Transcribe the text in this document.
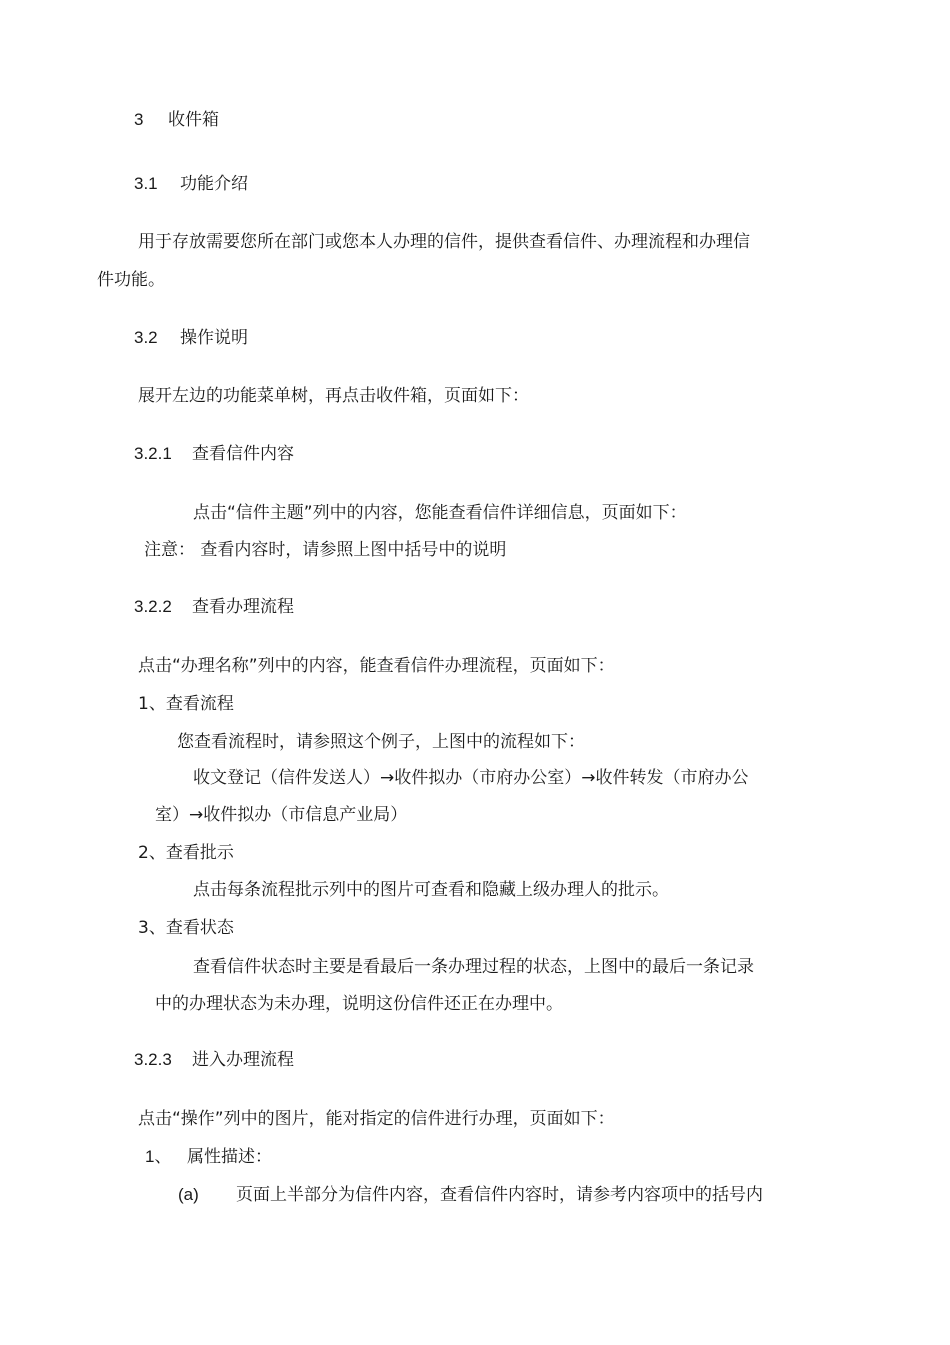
3 收件箱
3.1 功能介绍
用于存放需要您所在部门或您本人办理的信件，提供查看信件、办理流程和办理信
件功能。
3.2 操作说明
展开左边的功能菜单树，再点击收件箱，页面如下：
3.2.1 查看信件内容
点击“信件主题”列中的内容，您能查看信件详细信息，页面如下：
注意： 查看内容时，请参照上图中括号中的说明
3.2.2 查看办理流程
点击“办理名称”列中的内容，能查看信件办理流程，页面如下：
1、查看流程
您查看流程时，请参照这个例子，上图中的流程如下：
收文登记（信件发送人）→收件拟办（市府办公室）→收件转发（市府办公
室）→收件拟办（市信息产业局）
2、查看批示
点击每条流程批示列中的图片可查看和隐藏上级办理人的批示。
3、查看状态
查看信件状态时主要是看最后一条办理过程的状态，上图中的最后一条记录
中的办理状态为未办理，说明这份信件还正在办理中。
3.2.3 进入办理流程
点击“操作”列中的图片，能对指定的信件进行办理，页面如下：
1、 属性描述：
(a) 页面上半部分为信件内容，查看信件内容时，请参考内容项中的括号内
